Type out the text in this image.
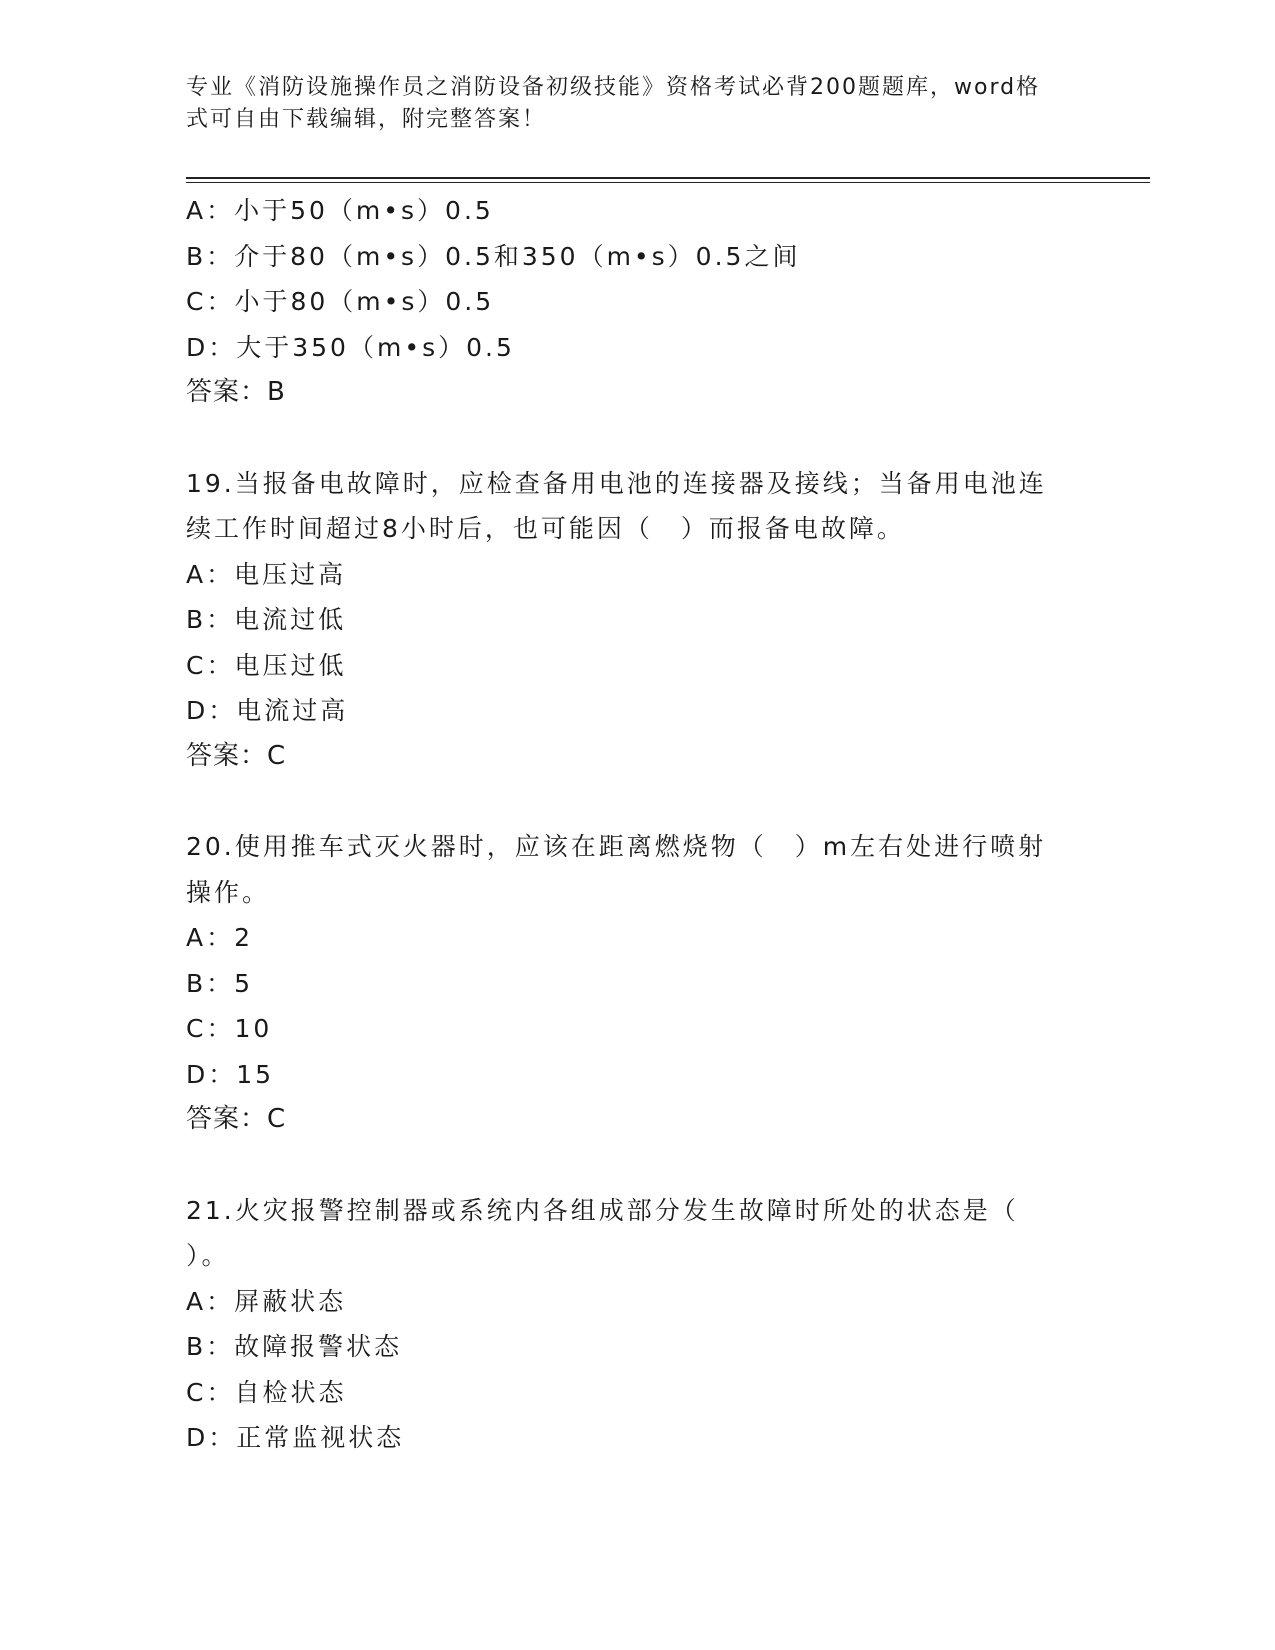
专业《消防设施操作员之消防设备初级技能》资格考试必背200题题库，word格
式可自由下载编辑，附完整答案！
A：小于50（m•s）0.5
B：介于80（m•s）0.5和350（m•s）0.5之间
C：小于80（m•s）0.5
D：大于350（m•s）0.5
答案：B
19.当报备电故障时，应检查备用电池的连接器及接线；当备用电池连
续工作时间超过8小时后，也可能因（　）而报备电故障。
A：电压过高
B：电流过低
C：电压过低
D：电流过高
答案：C
20.使用推车式灭火器时，应该在距离燃烧物（　）m左右处进行喷射
操作。
A：2
B：5
C：10
D：15
答案：C
21.火灾报警控制器或系统内各组成部分发生故障时所处的状态是（
）。
A：屏蔽状态
B：故障报警状态
C：自检状态
D：正常监视状态
